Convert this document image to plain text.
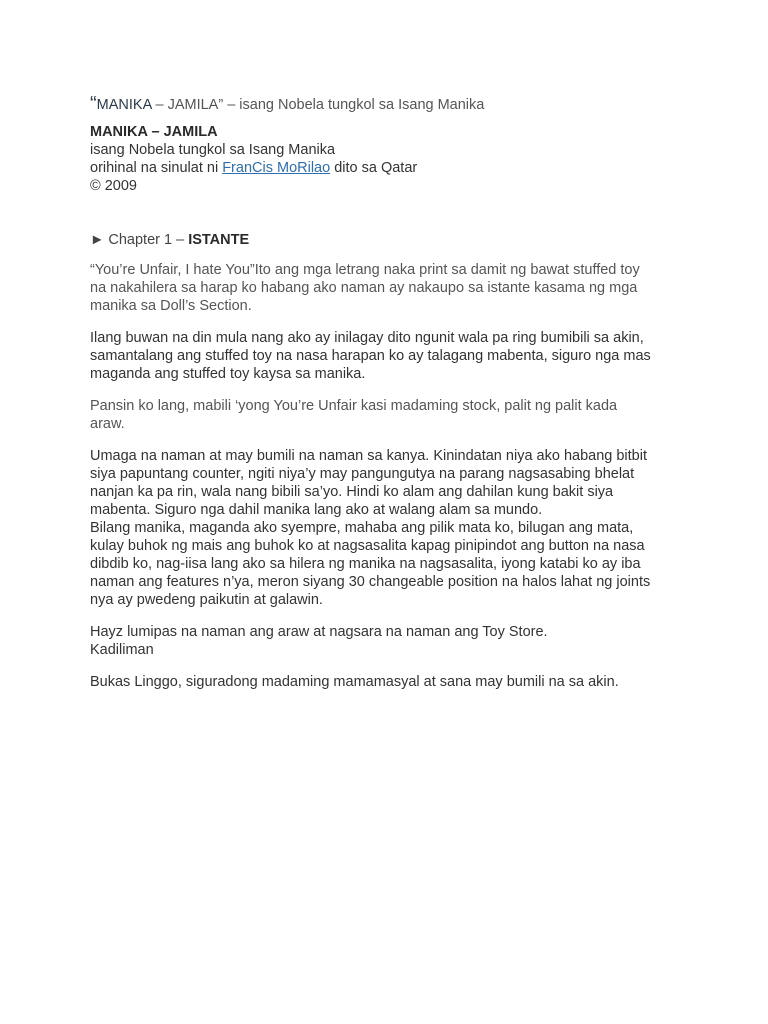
“MANIKA – JAMILA” – isang Nobela tungkol sa Isang Manika
MANIKA – JAMILA
isang Nobela tungkol sa Isang Manika
orihinal na sinulat ni FranCis MoRilao dito sa Qatar
© 2009
► Chapter 1 – ISTANTE

“You’re Unfair, I hate You”Ito ang mga letrang naka print sa damit ng bawat stuffed toy
na nakahilera sa harap ko habang ako naman ay nakaupo sa istante kasama ng mga
manika sa Doll’s Section.

Ilang buwan na din mula nang ako ay inilagay dito ngunit wala pa ring bumibili sa akin,
samantalang ang stuffed toy na nasa harapan ko ay talagang mabenta, siguro nga mas
maganda ang stuffed toy kaysa sa manika.

Pansin ko lang, mabili ‘yong You’re Unfair kasi madaming stock, palit ng palit kada
araw.

Umaga na naman at may bumili na naman sa kanya. Kinindatan niya ako habang bitbit
siya papuntang counter, ngiti niya’y may pangungutya na parang nagsasabing bhelat
nanjan ka pa rin, wala nang bibili sa’yo. Hindi ko alam ang dahilan kung bakit siya
mabenta. Siguro nga dahil manika lang ako at walang alam sa mundo.
Bilang manika, maganda ako syempre, mahaba ang pilik mata ko, bilugan ang mata,
kulay buhok ng mais ang buhok ko at nagsasalita kapag pinipindot ang button na nasa
dibdib ko, nag-iisa lang ako sa hilera ng manika na nagsasalita, iyong katabi ko ay iba
naman ang features n’ya, meron siyang 30 changeable position na halos lahat ng joints
nya ay pwedeng paikutin at galawin.

Hayz lumipas na naman ang araw at nagsara na naman ang Toy Store.
Kadiliman

Bukas Linggo, siguradong madaming mamamasyal at sana may bumili na sa akin.
